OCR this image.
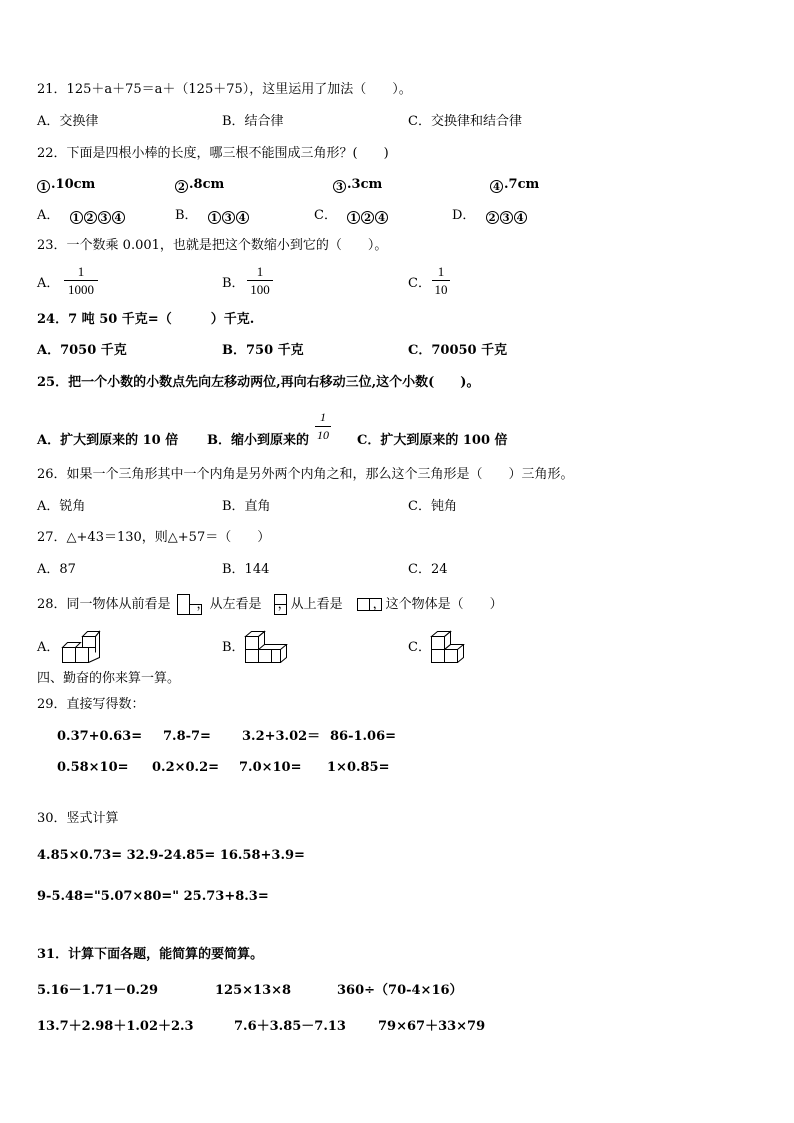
21．125＋a＋75＝a＋（125＋75），这里运用了加法（　　）。
A．交换律	B．结合律	C．交换律和结合律
22．下面是四根小棒的长度，哪三根不能围成三角形？(　　)
1 .10cm	2 .8cm	3 .3cm	4 .7cm
A． 1 2 3 4	B． 1 3 4	C． 1 2 4	D． 2 3 4
23．一个数乘 0.001，也就是把这个数缩小到它的（　　）。
A．
1
1000	B．
1
100	C．
1
10
24．7 吨 50 千克=（　　　）千克.
A．7050 千克	B．750 千克	C．70050 千克
25．把一个小数的小数点先向左移动两位,再向右移动三位,这个小数(　　)。
A．扩大到原来的 10 倍 B．缩小到原来的
1
10 C．扩大到原来的 100 倍
26．如果一个三角形其中一个内角是另外两个内角之和，那么这个三角形是（　　）三角形。
A．锐角	B．直角	C．钝角
27．△+43＝130，则△+57＝（　　）
A．87	B．144	C．24
28．同一物体从前看是 ，从左看是 ，从上看是 ，这个物体是（　　）
A．	B．	C．
四、勤奋的你来算一算。
29．直接写得数：
0.37+0.63= 7.8-7= 3.2+3.02＝ 86-1.06=
0.58×10= 0.2×0.2= 7.0×10= 1×0.85=
30．竖式计算
4.85×0.73= 32.9-24.85= 16.58+3.9=
9-5.48="5.07×80=" 25.73+8.3=
31．计算下面各题，能简算的要简算。
5.16－1.71－0.29	125×13×8	360÷（70-4×16）
13.7＋2.98＋1.02＋2.3	7.6＋3.85－7.13 79×67＋33×79
